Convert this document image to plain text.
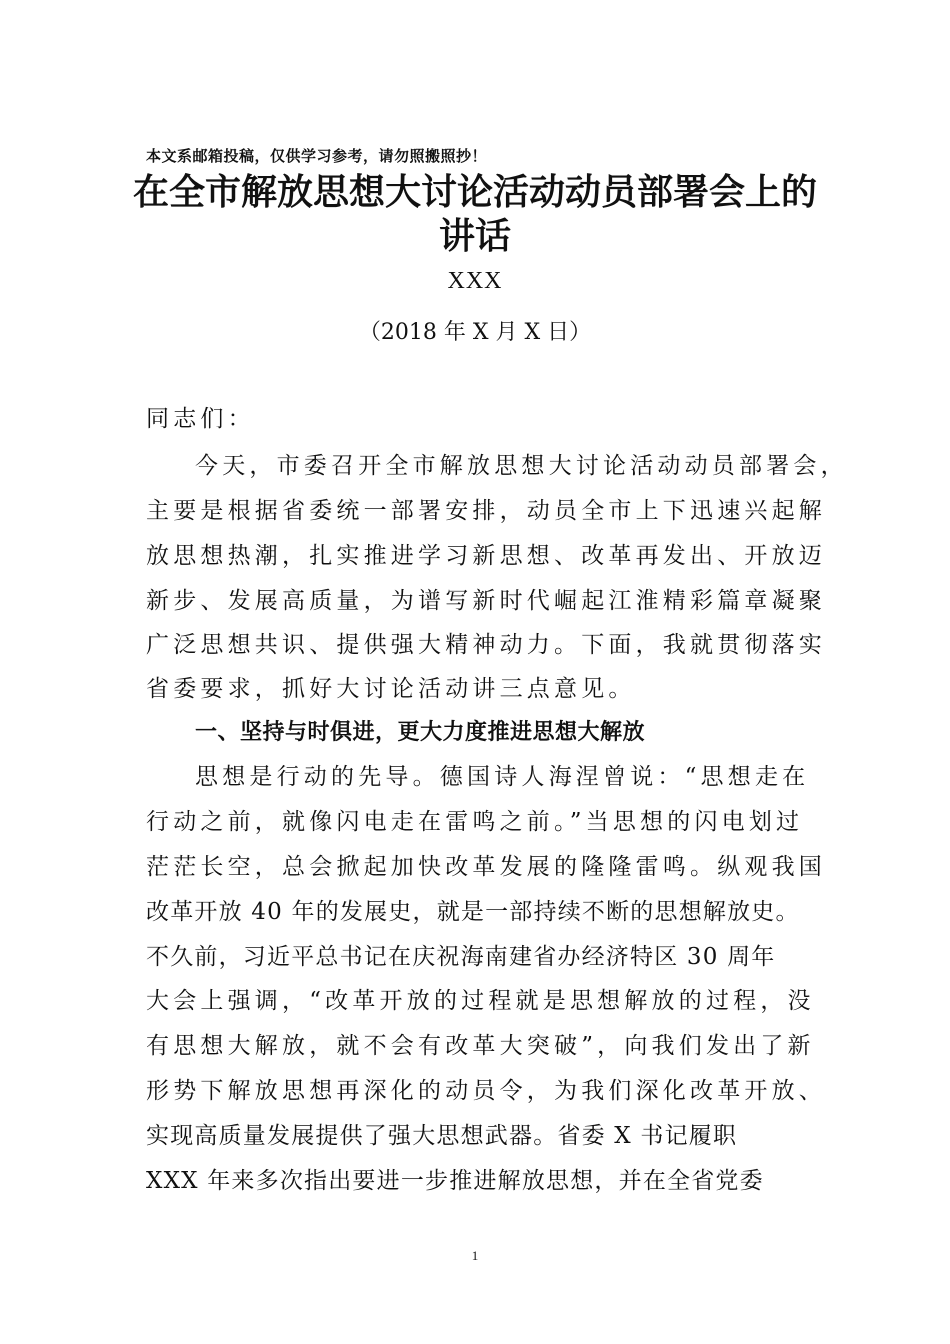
本文系邮箱投稿，仅供学习参考，请勿照搬照抄！
在全市解放思想大讨论活动动员部署会上的
讲话
XXX
（2018 年 X 月 X 日）
同志们：
今天，市委召开全市解放思想大讨论活动动员部署会，
主要是根据省委统一部署安排，动员全市上下迅速兴起解
放思想热潮，扎实推进学习新思想、改革再发出、开放迈
新步、发展高质量，为谱写新时代崛起江淮精彩篇章凝聚
广泛思想共识、提供强大精神动力。下面，我就贯彻落实
省委要求，抓好大讨论活动讲三点意见。
一、坚持与时俱进，更大力度推进思想大解放
思想是行动的先导。德国诗人海涅曾说：“思想走在
行动之前，就像闪电走在雷鸣之前。”当思想的闪电划过
茫茫长空，总会掀起加快改革发展的隆隆雷鸣。纵观我国
改革开放 40 年的发展史，就是一部持续不断的思想解放史。
不久前，习近平总书记在庆祝海南建省办经济特区 30 周年
大会上强调，“改革开放的过程就是思想解放的过程，没
有思想大解放，就不会有改革大突破”，向我们发出了新
形势下解放思想再深化的动员令，为我们深化改革开放、
实现高质量发展提供了强大思想武器。省委 X 书记履职
XXX 年来多次指出要进一步推进解放思想，并在全省党委
1
